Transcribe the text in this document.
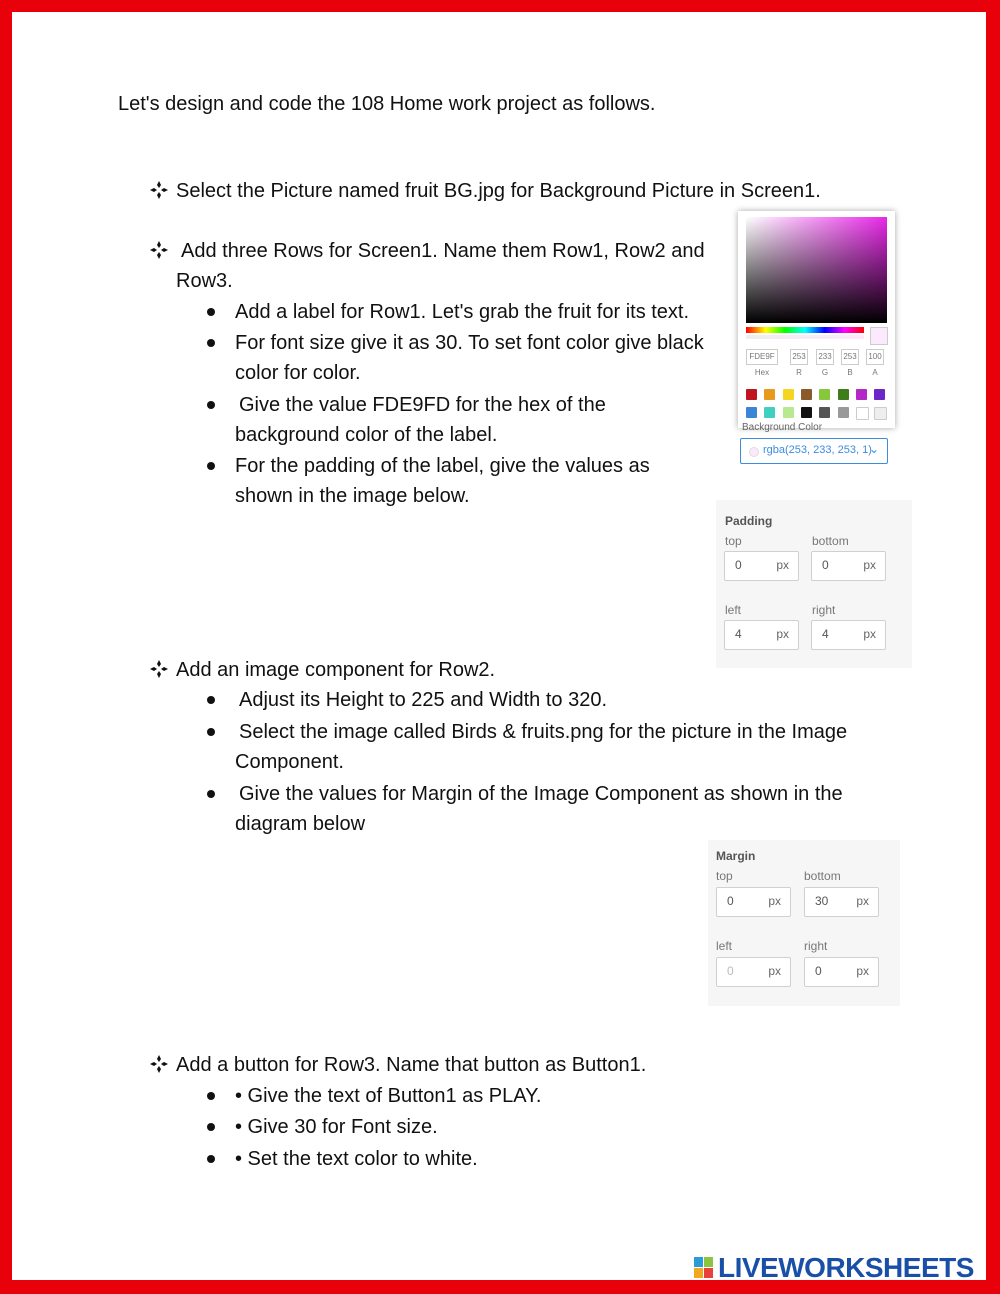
Let's design and code the 108 Home work project as follows.
Select the Picture named fruit BG.jpg for Background Picture in Screen1.
Add three Rows for Screen1. Name them Row1, Row2 and
Row3.
Add a label for Row1. Let's grab the fruit for its text.
For font size give it as 30. To set font color give black
color for color.
Give the value FDE9FD for the hex of the
background color of the label.
For the padding of the label, give the values as
shown in the image below.
Add an image component for Row2.
Adjust its Height to 225 and Width to 320.
Select the image called Birds & fruits.png for the picture in the Image
Component.
Give the values for Margin of the Image Component as shown in the
diagram below
Add a button for Row3. Name that button as Button1.
• Give the text of Button1 as PLAY.
• Give 30 for Font size.
• Set the text color to white.
FDE9F	253 233 253 100
Hex	R	G	B	A
Background Color
rgba(253, 233, 253, 1)
⌄
Padding
top	bottom
0	px	0	px
left	right
4	px	4	px
Margin
top	bottom
0	px	30 px
left	right
0	px	0	px
LIVEWORKSHEETS
